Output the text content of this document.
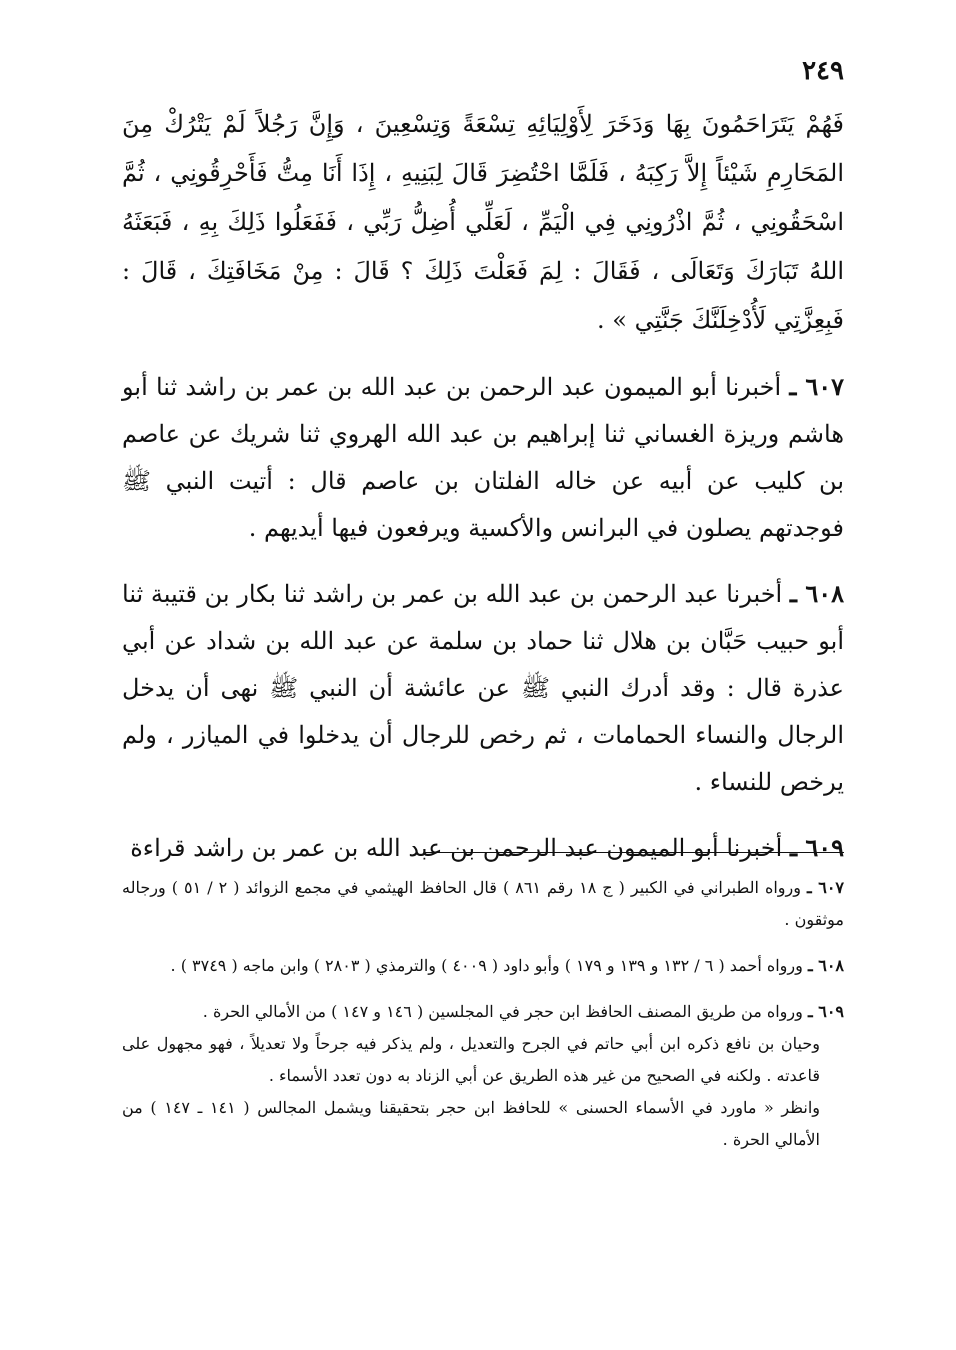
٢٤٩

فَهُمْ يَتَرَاحَمُونَ بِهَا وَدَخَرَ لِأَوْلِيَائِهِ تِسْعَةً وَتِسْعِينَ ، وَإِنَّ رَجُلاً لَمْ يَتْرُكْ مِنَ المَحَارِمِ شَيْئاً إِلاَّ رَكِبَهُ ، فَلَمَّا احْتُضِرَ قَالَ لِبَنِيهِ ، إِذَا أَنَا مِتُّ فَأَحْرِقُونِي ، ثُمَّ اسْحَقُونِي ، ثُمَّ اذْرُونِي فِي الْيَمِّ ، لَعَلِّي أُضِلُّ رَبِّي ، فَفَعَلُوا ذَلِكَ بِهِ ، فَبَعَثَهُ اللهُ تَبَارَكَ وَتَعَالَى ، فَقَالَ : لِمَ فَعَلْتَ ذَلِكَ ؟ قَالَ : مِنْ مَخَافَتِكَ ، قَالَ : فَبِعِزَّتِي لَأُدْخِلَنَّكَ جَنَّتِي » .

٦٠٧ ـ أخبرنا أبو الميمون عبد الرحمن بن عبد الله بن عمر بن راشد ثنا أبو هاشم وريزة الغساني ثنا إبراهيم بن عبد الله الهروي ثنا شريك عن عاصم بن كليب عن أبيه عن خاله الفلتان بن عاصم قال : أتيت النبي ﷺ فوجدتهم يصلون في البرانس والأكسية ويرفعون فيها أيديهم .

٦٠٨ ـ أخبرنا عبد الرحمن بن عبد الله بن عمر بن راشد ثنا بكار بن قتيبة ثنا أبو حبيب حَبَّان بن هلال ثنا حماد بن سلمة عن عبد الله بن شداد عن أبي عذرة قال : وقد أدرك النبي ﷺ عن عائشة أن النبي ﷺ نهى أن يدخل الرجال والنساء الحمامات ، ثم رخص للرجال أن يدخلوا في الميازر ، ولم يرخص للنساء .

٦٠٩ ـ أخبرنا أبو الميمون عبد الرحمن بن عبد الله بن عمر بن راشد قراءة

٦٠٧ ـ ورواه الطبراني في الكبير ( ج ١٨ رقم ٨٦١ ) قال الحافظ الهيثمي في مجمع الزوائد ( ٢ / ٥١ ) ورجاله موثقون .

٦٠٨ ـ ورواه أحمد ( ٦ / ١٣٢ و ١٣٩ و ١٧٩ ) وأبو داود ( ٤٠٠٩ ) والترمذي ( ٢٨٠٣ ) وابن ماجه ( ٣٧٤٩ ) .

٦٠٩ ـ ورواه من طريق المصنف الحافظ ابن حجر في المجلسين ( ١٤٦ و ١٤٧ ) من الأمالي الحرة .
وحيان بن نافع ذكره ابن أبي حاتم في الجرح والتعديل ، ولم يذكر فيه جرحاً ولا تعديلاً ، فهو مجهول على قاعدته . ولكنه في الصحيح من غير هذه الطريق عن أبي الزناد به دون تعدد الأسماء .
وانظر « ماورد في الأسماء الحسنى » للحافظ ابن حجر بتحقيقنا ويشمل المجالس ( ١٤١ ـ ١٤٧ ) من الأمالي الحرة .
